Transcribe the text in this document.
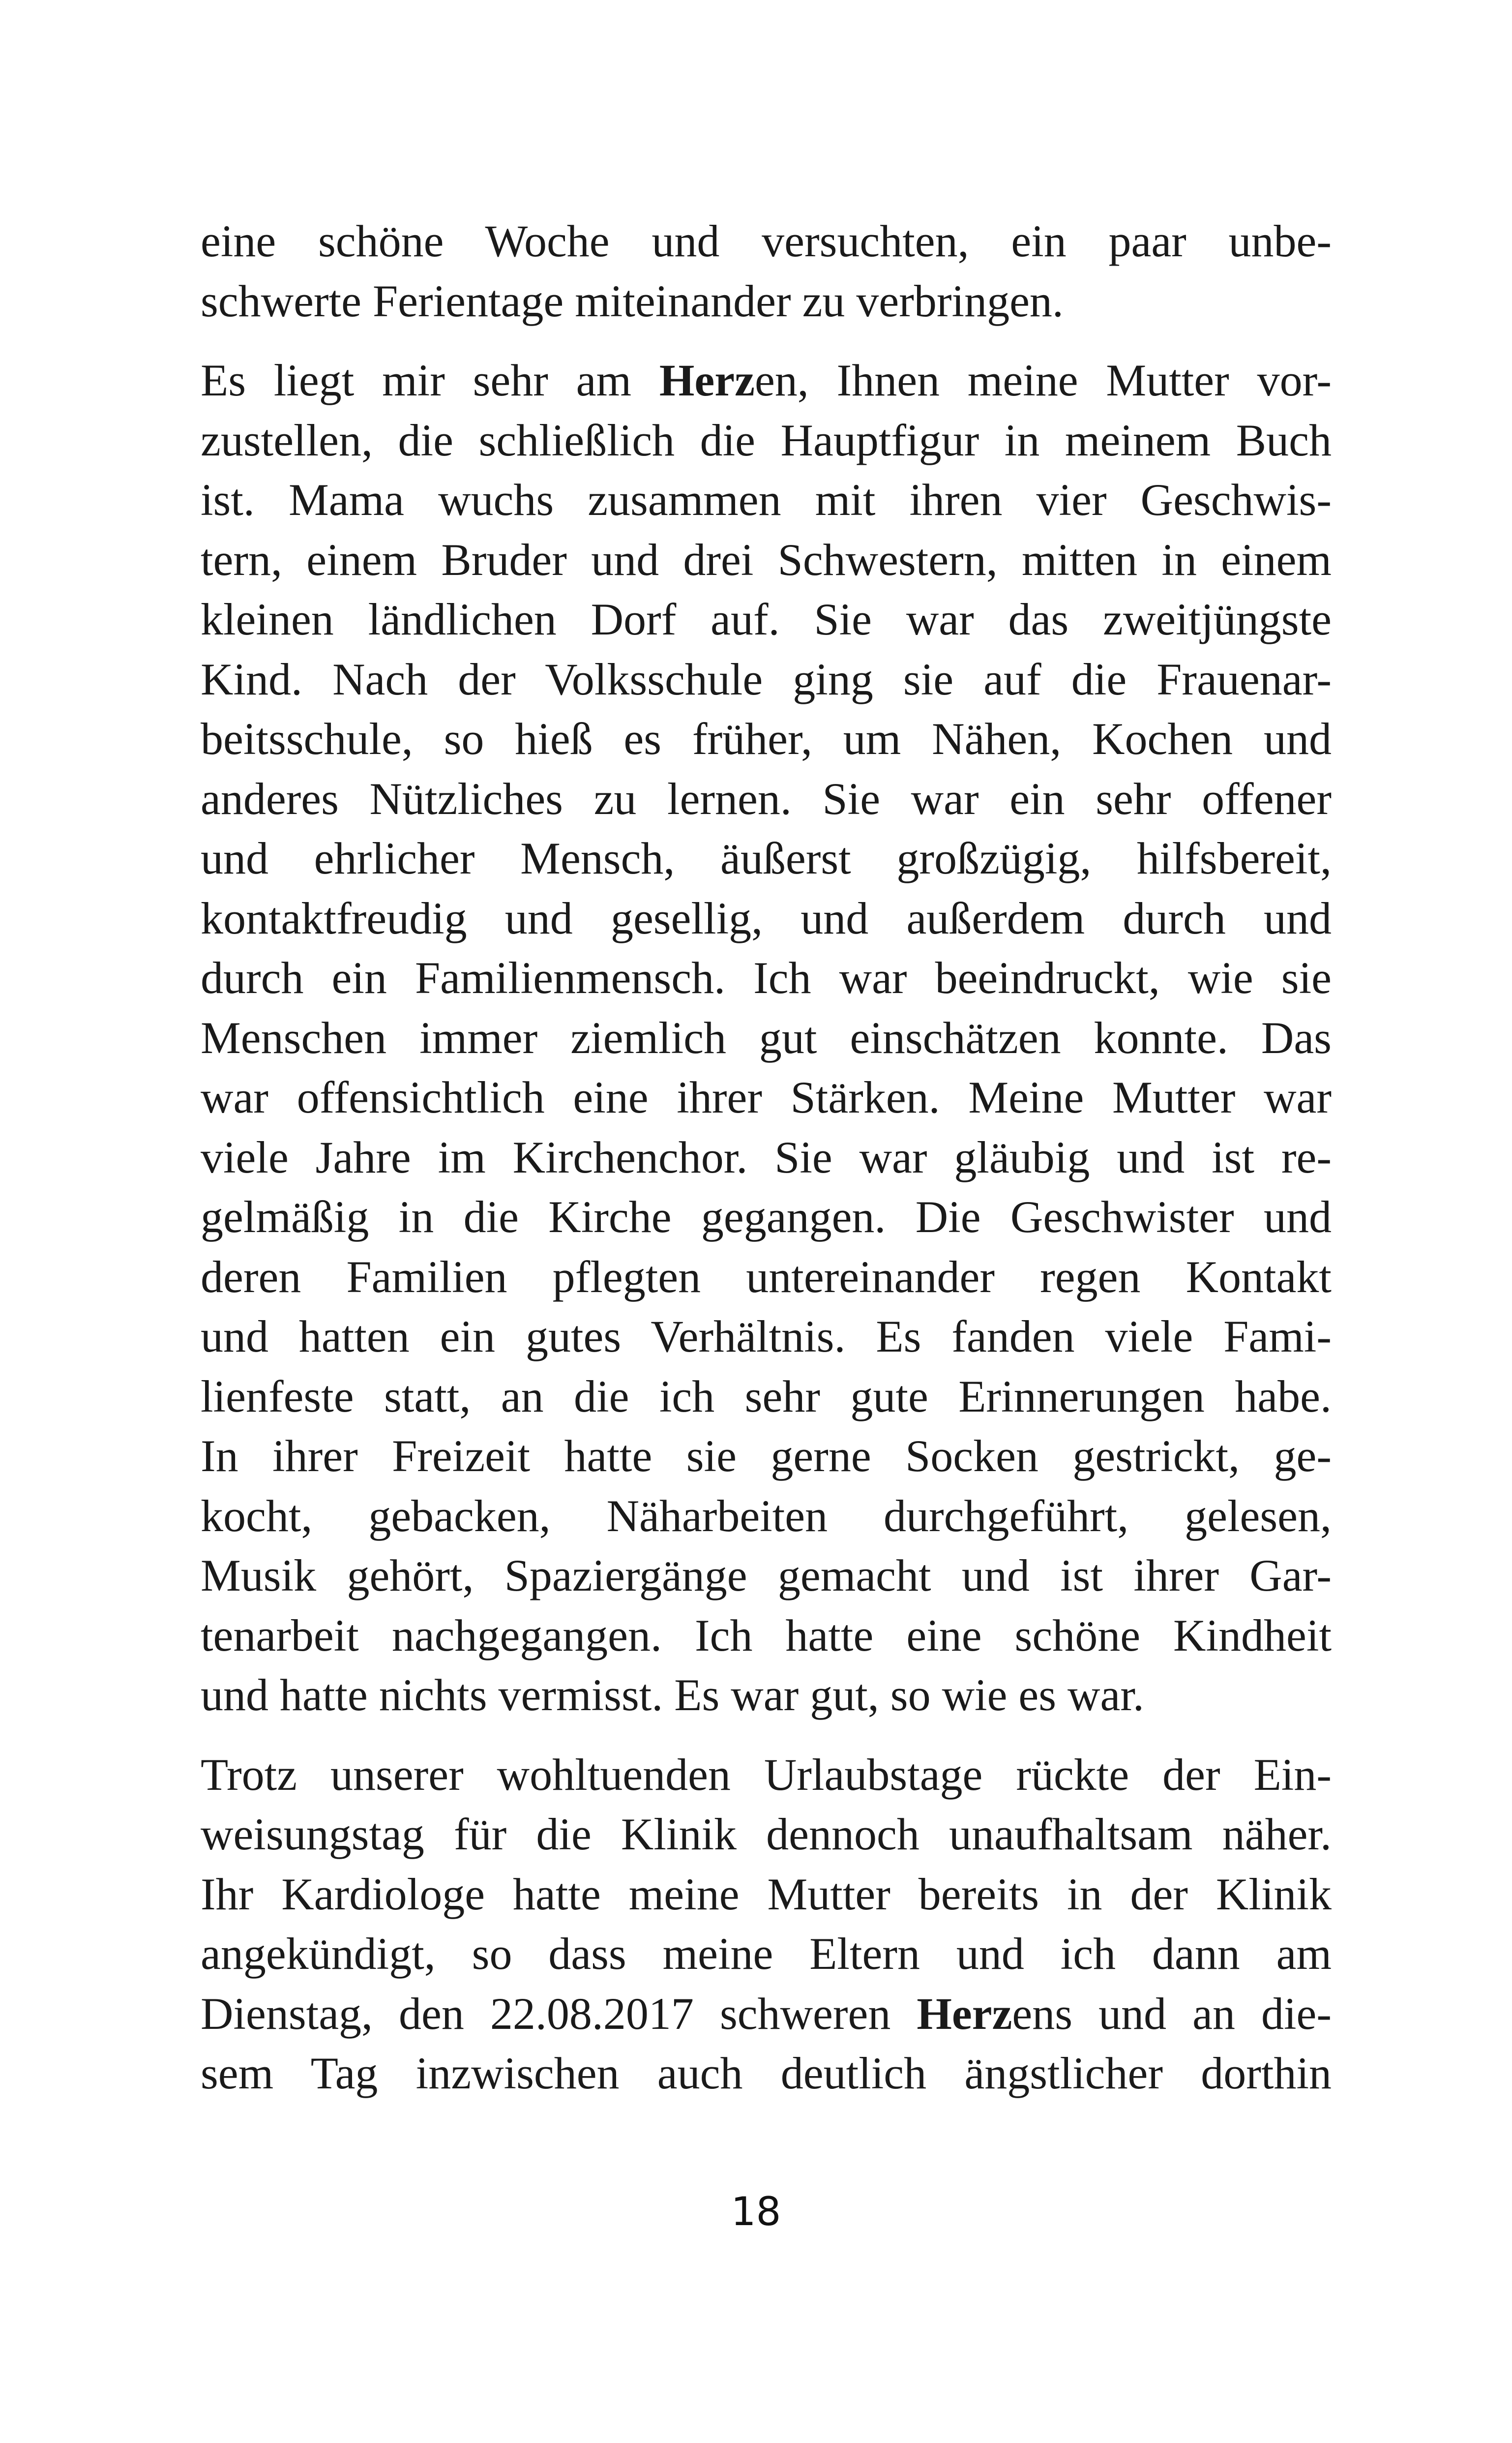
eine schöne Woche und versuchten, ein paar unbe-
schwerte Ferientage miteinander zu verbringen.
Es liegt mir sehr am Herzen, Ihnen meine Mutter vor-
zustellen, die schließlich die Hauptfigur in meinem Buch
ist. Mama wuchs zusammen mit ihren vier Geschwis-
tern, einem Bruder und drei Schwestern, mitten in einem
kleinen ländlichen Dorf auf. Sie war das zweitjüngste
Kind. Nach der Volksschule ging sie auf die Frauenar-
beitsschule, so hieß es früher, um Nähen, Kochen und
anderes Nützliches zu lernen. Sie war ein sehr offener
und ehrlicher Mensch, äußerst großzügig, hilfsbereit,
kontaktfreudig und gesellig, und außerdem durch und
durch ein Familienmensch. Ich war beeindruckt, wie sie
Menschen immer ziemlich gut einschätzen konnte. Das
war offensichtlich eine ihrer Stärken. Meine Mutter war
viele Jahre im Kirchenchor. Sie war gläubig und ist re-
gelmäßig in die Kirche gegangen. Die Geschwister und
deren Familien pflegten untereinander regen Kontakt
und hatten ein gutes Verhältnis. Es fanden viele Fami-
lienfeste statt, an die ich sehr gute Erinnerungen habe.
In ihrer Freizeit hatte sie gerne Socken gestrickt, ge-
kocht, gebacken, Näharbeiten durchgeführt, gelesen,
Musik gehört, Spaziergänge gemacht und ist ihrer Gar-
tenarbeit nachgegangen. Ich hatte eine schöne Kindheit
und hatte nichts vermisst. Es war gut, so wie es war.
Trotz unserer wohltuenden Urlaubstage rückte der Ein-
weisungstag für die Klinik dennoch unaufhaltsam näher.
Ihr Kardiologe hatte meine Mutter bereits in der Klinik
angekündigt, so dass meine Eltern und ich dann am
Dienstag, den 22.08.2017 schweren Herzens und an die-
sem Tag inzwischen auch deutlich ängstlicher dorthin
18
